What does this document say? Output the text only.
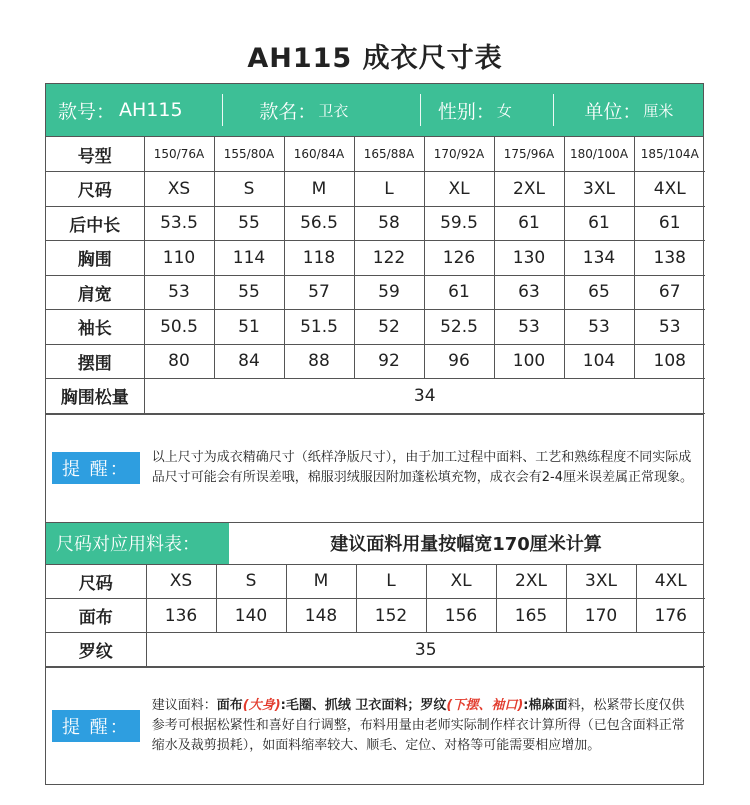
AH115 成衣尺寸表
款号： AH115	款名： 卫衣	性别： 女	单位： 厘米
号型	150/76A	155/80A	160/84A	165/88A	170/92A	175/96A	180/100A	185/104A
尺码	XS	S	M	L	XL	2XL	3XL	4XL
后中长	53.5	55	56.5	58	59.5	61	61	61
胸围	110	114	118	122	126	130	134	138
肩宽	53	55	57	59	61	63	65	67
袖长	50.5	51	51.5	52	52.5	53	53	53
摆围	80	84	88	92	96	100	104	108
胸围松量	34							
提 醒：
以上尺寸为成衣精确尺寸（纸样净版尺寸），由于加工过程中面料、工艺和熟练程度不同实际成品尺寸可能会有所误差哦，棉服羽绒服因附加蓬松填充物，成衣会有2-4厘米误差属正常现象。
尺码对应用料表：	建议面料用量按幅宽170厘米计算
尺码	XS	S	M	L	XL	2XL	3XL	4XL
面布	136	140	148	152	156	165	170	176
罗纹	35							
提 醒：
建议面料：面布(大身):毛圈、抓绒 卫衣面料；罗纹(下摆、袖口):棉麻面料，松紧带长度仅供参考可根据松紧性和喜好自行调整，布料用量由老师实际制作样衣计算所得（已包含面料正常缩水及裁剪损耗），如面料缩率较大、顺毛、定位、对格等可能需要相应增加。
